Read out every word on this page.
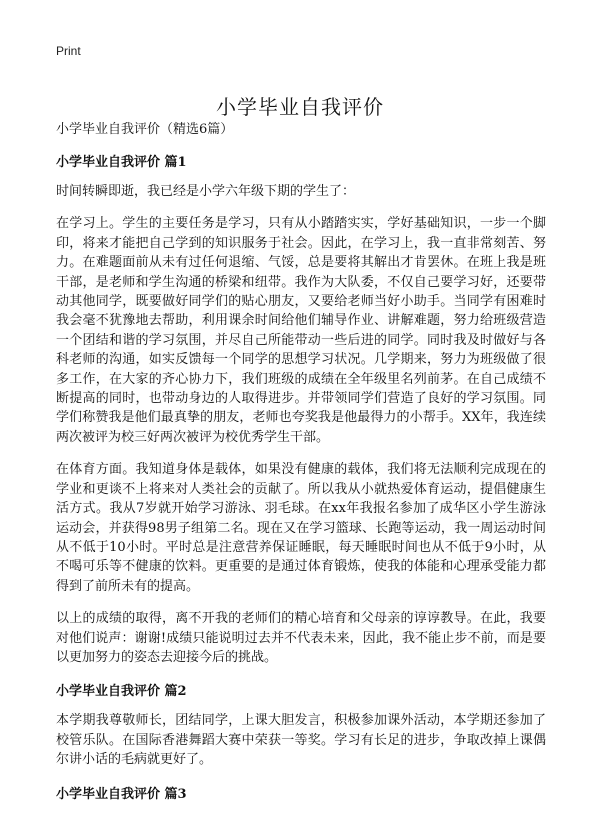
Print
小学毕业自我评价

小学毕业自我评价（精选6篇）

小学毕业自我评价 篇1

时间转瞬即逝，我已经是小学六年级下期的学生了：

在学习上。学生的主要任务是学习，只有从小踏踏实实，学好基础知识，一步一个脚印，将来才能把自己学到的知识服务于社会。因此，在学习上，我一直非常刻苦、努力。在难题面前从未有过任何退缩、气馁，总是要将其解出才肯罢休。在班上我是班干部，是老师和学生沟通的桥梁和纽带。我作为大队委，不仅自己要学习好，还要带动其他同学，既要做好同学们的贴心朋友，又要给老师当好小助手。当同学有困难时我会毫不犹豫地去帮助，利用课余时间给他们辅导作业、讲解难题，努力给班级营造一个团结和谐的学习氛围，并尽自己所能带动一些后进的同学。同时我及时做好与各科老师的沟通，如实反馈每一个同学的思想学习状况。几学期来，努力为班级做了很多工作，在大家的齐心协力下，我们班级的成绩在全年级里名列前茅。在自己成绩不断提高的同时，也带动身边的人取得进步。并带领同学们营造了良好的学习氛围。同学们称赞我是他们最真挚的朋友，老师也夸奖我是他最得力的小帮手。XX年，我连续两次被评为校三好两次被评为校优秀学生干部。

在体育方面。我知道身体是载体，如果没有健康的载体，我们将无法顺利完成现在的学业和更谈不上将来对人类社会的贡献了。所以我从小就热爱体育运动，提倡健康生活方式。我从7岁就开始学习游泳、羽毛球。在xx年我报名参加了成华区小学生游泳运动会，并获得98男子组第二名。现在又在学习篮球、长跑等运动，我一周运动时间从不低于10小时。平时总是注意营养保证睡眠，每天睡眠时间也从不低于9小时，从不喝可乐等不健康的饮料。更重要的是通过体育锻炼，使我的体能和心理承受能力都得到了前所未有的提高。

以上的成绩的取得，离不开我的老师们的精心培育和父母亲的谆谆教导。在此，我要对他们说声：谢谢!成绩只能说明过去并不代表未来，因此，我不能止步不前，而是要以更加努力的姿态去迎接今后的挑战。

小学毕业自我评价 篇2

本学期我尊敬师长，团结同学，上课大胆发言，积极参加课外活动，本学期还参加了校管乐队。在国际香港舞蹈大赛中荣获一等奖。学习有长足的进步，争取改掉上课偶尔讲小话的毛病就更好了。

小学毕业自我评价 篇3
